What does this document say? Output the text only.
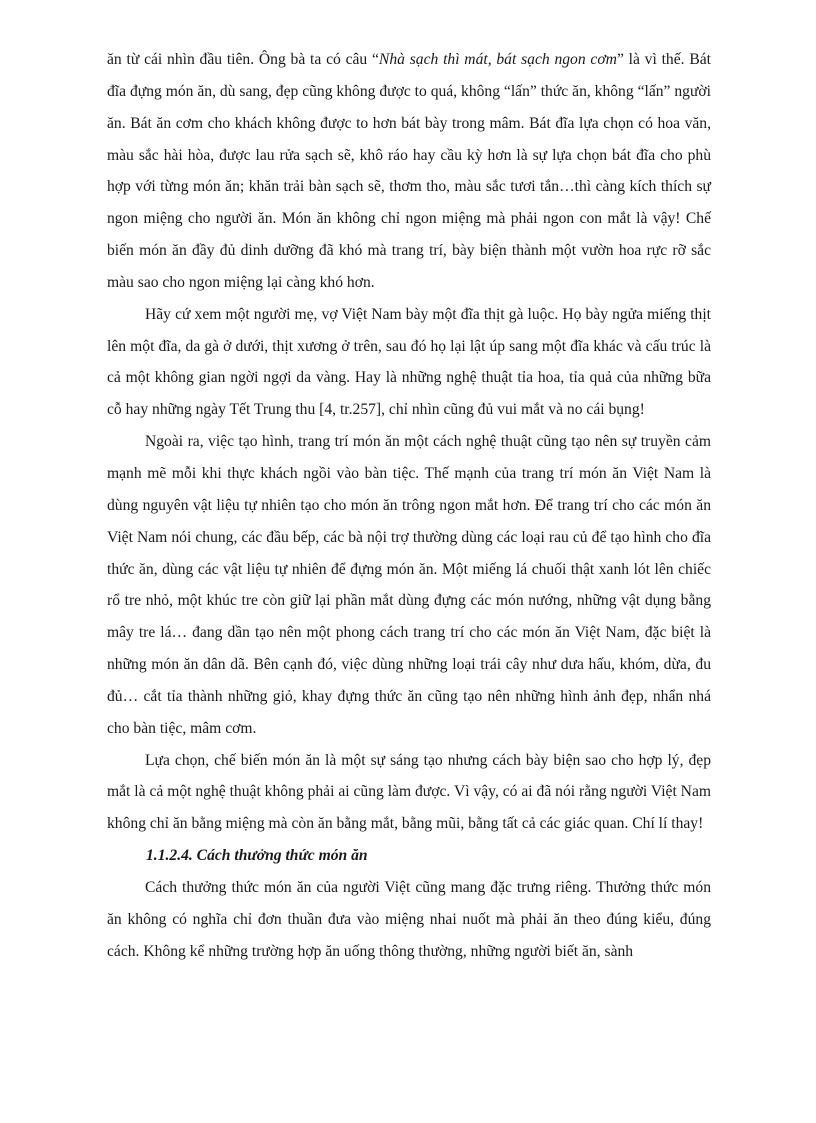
ăn từ cái nhìn đầu tiên. Ông bà ta có câu “Nhà sạch thì mát, bát sạch ngon cơm” là vì thế. Bát đĩa đựng món ăn, dù sang, đẹp cũng không được to quá, không “lấn” thức ăn, không “lấn” người ăn. Bát ăn cơm cho khách không được to hơn bát bày trong mâm. Bát đĩa lựa chọn có hoa văn, màu sắc hài hòa, được lau rửa sạch sẽ, khô ráo hay cầu kỳ hơn là sự lựa chọn bát đĩa cho phù hợp với từng món ăn; khăn trải bàn sạch sẽ, thơm tho, màu sắc tươi tắn…thì càng kích thích sự ngon miệng cho người ăn. Món ăn không chỉ ngon miệng mà phải ngon con mắt là vậy! Chế biến món ăn đầy đủ dinh dưỡng đã khó mà trang trí, bày biện thành một vườn hoa rực rỡ sắc màu sao cho ngon miệng lại càng khó hơn.

Hãy cứ xem một người mẹ, vợ Việt Nam bày một đĩa thịt gà luộc. Họ bày ngửa miếng thịt lên một đĩa, da gà ở dưới, thịt xương ở trên, sau đó họ lại lật úp sang một đĩa khác và cấu trúc là cả một không gian ngời ngợi da vàng. Hay là những nghệ thuật tỉa hoa, tỉa quả của những bữa cỗ hay những ngày Tết Trung thu [4, tr.257], chỉ nhìn cũng đủ vui mắt và no cái bụng!

Ngoài ra, việc tạo hình, trang trí món ăn một cách nghệ thuật cũng tạo nên sự truyền cảm mạnh mẽ mỗi khi thực khách ngồi vào bàn tiệc. Thế mạnh của trang trí món ăn Việt Nam là dùng nguyên vật liệu tự nhiên tạo cho món ăn trông ngon mắt hơn. Để trang trí cho các món ăn Việt Nam nói chung, các đầu bếp, các bà nội trợ thường dùng các loại rau củ để tạo hình cho đĩa thức ăn, dùng các vật liệu tự nhiên để đựng món ăn. Một miếng lá chuối thật xanh lót lên chiếc rổ tre nhỏ, một khúc tre còn giữ lại phần mắt dùng đựng các món nướng, những vật dụng bằng mây tre lá… đang dần tạo nên một phong cách trang trí cho các món ăn Việt Nam, đặc biệt là những món ăn dân dã. Bên cạnh đó, việc dùng những loại trái cây như dưa hấu, khóm, dừa, đu đủ… cắt tỉa thành những giỏ, khay đựng thức ăn cũng tạo nên những hình ảnh đẹp, nhẩn nhá cho bàn tiệc, mâm cơm.

Lựa chọn, chế biến món ăn là một sự sáng tạo nhưng cách bày biện sao cho hợp lý, đẹp mắt là cả một nghệ thuật không phải ai cũng làm được. Vì vậy, có ai đã nói rằng người Việt Nam không chỉ ăn bằng miệng mà còn ăn bằng mắt, bằng mũi, bằng tất cả các giác quan. Chí lí thay!

1.1.2.4. Cách thưởng thức món ăn

Cách thưởng thức món ăn của người Việt cũng mang đặc trưng riêng. Thưởng thức món ăn không có nghĩa chỉ đơn thuần đưa vào miệng nhai nuốt mà phải ăn theo đúng kiểu, đúng cách. Không kể những trường hợp ăn uống thông thường, những người biết ăn, sành
